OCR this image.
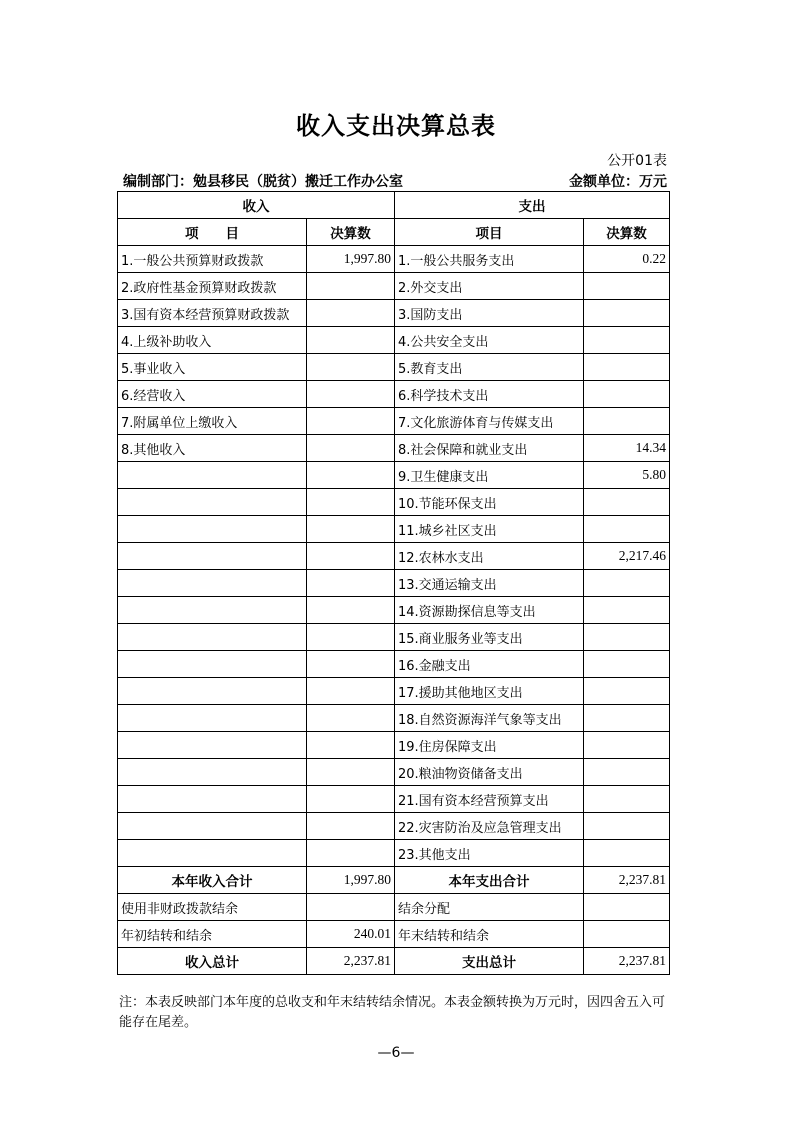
收入支出决算总表
公开01表
编制部门：勉县移民（脱贫）搬迁工作办公室	金额单位：万元
收入		支出	
项　　目	决算数	项目	决算数
1.一般公共预算财政拨款	1,997.80	1.一般公共服务支出	0.22
2.政府性基金预算财政拨款		2.外交支出	
3.国有资本经营预算财政拨款		3.国防支出	
4.上级补助收入		4.公共安全支出	
5.事业收入		5.教育支出	
6.经营收入		6.科学技术支出	
7.附属单位上缴收入		7.文化旅游体育与传媒支出	
8.其他收入		8.社会保障和就业支出	14.34
		9.卫生健康支出	5.80
		10.节能环保支出	
		11.城乡社区支出	
		12.农林水支出	2,217.46
		13.交通运输支出	
		14.资源勘探信息等支出	
		15.商业服务业等支出	
		16.金融支出	
		17.援助其他地区支出	
		18.自然资源海洋气象等支出	
		19.住房保障支出	
		20.粮油物资储备支出	
		21.国有资本经营预算支出	
		22.灾害防治及应急管理支出	
		23.其他支出	
本年收入合计	1,997.80	本年支出合计	2,237.81
使用非财政拨款结余		结余分配	
年初结转和结余	240.01	年末结转和结余	
收入总计	2,237.81	支出总计	2,237.81
注：本表反映部门本年度的总收支和年末结转结余情况。本表金额转换为万元时，因四舍五入可能存在尾差。
—6—
